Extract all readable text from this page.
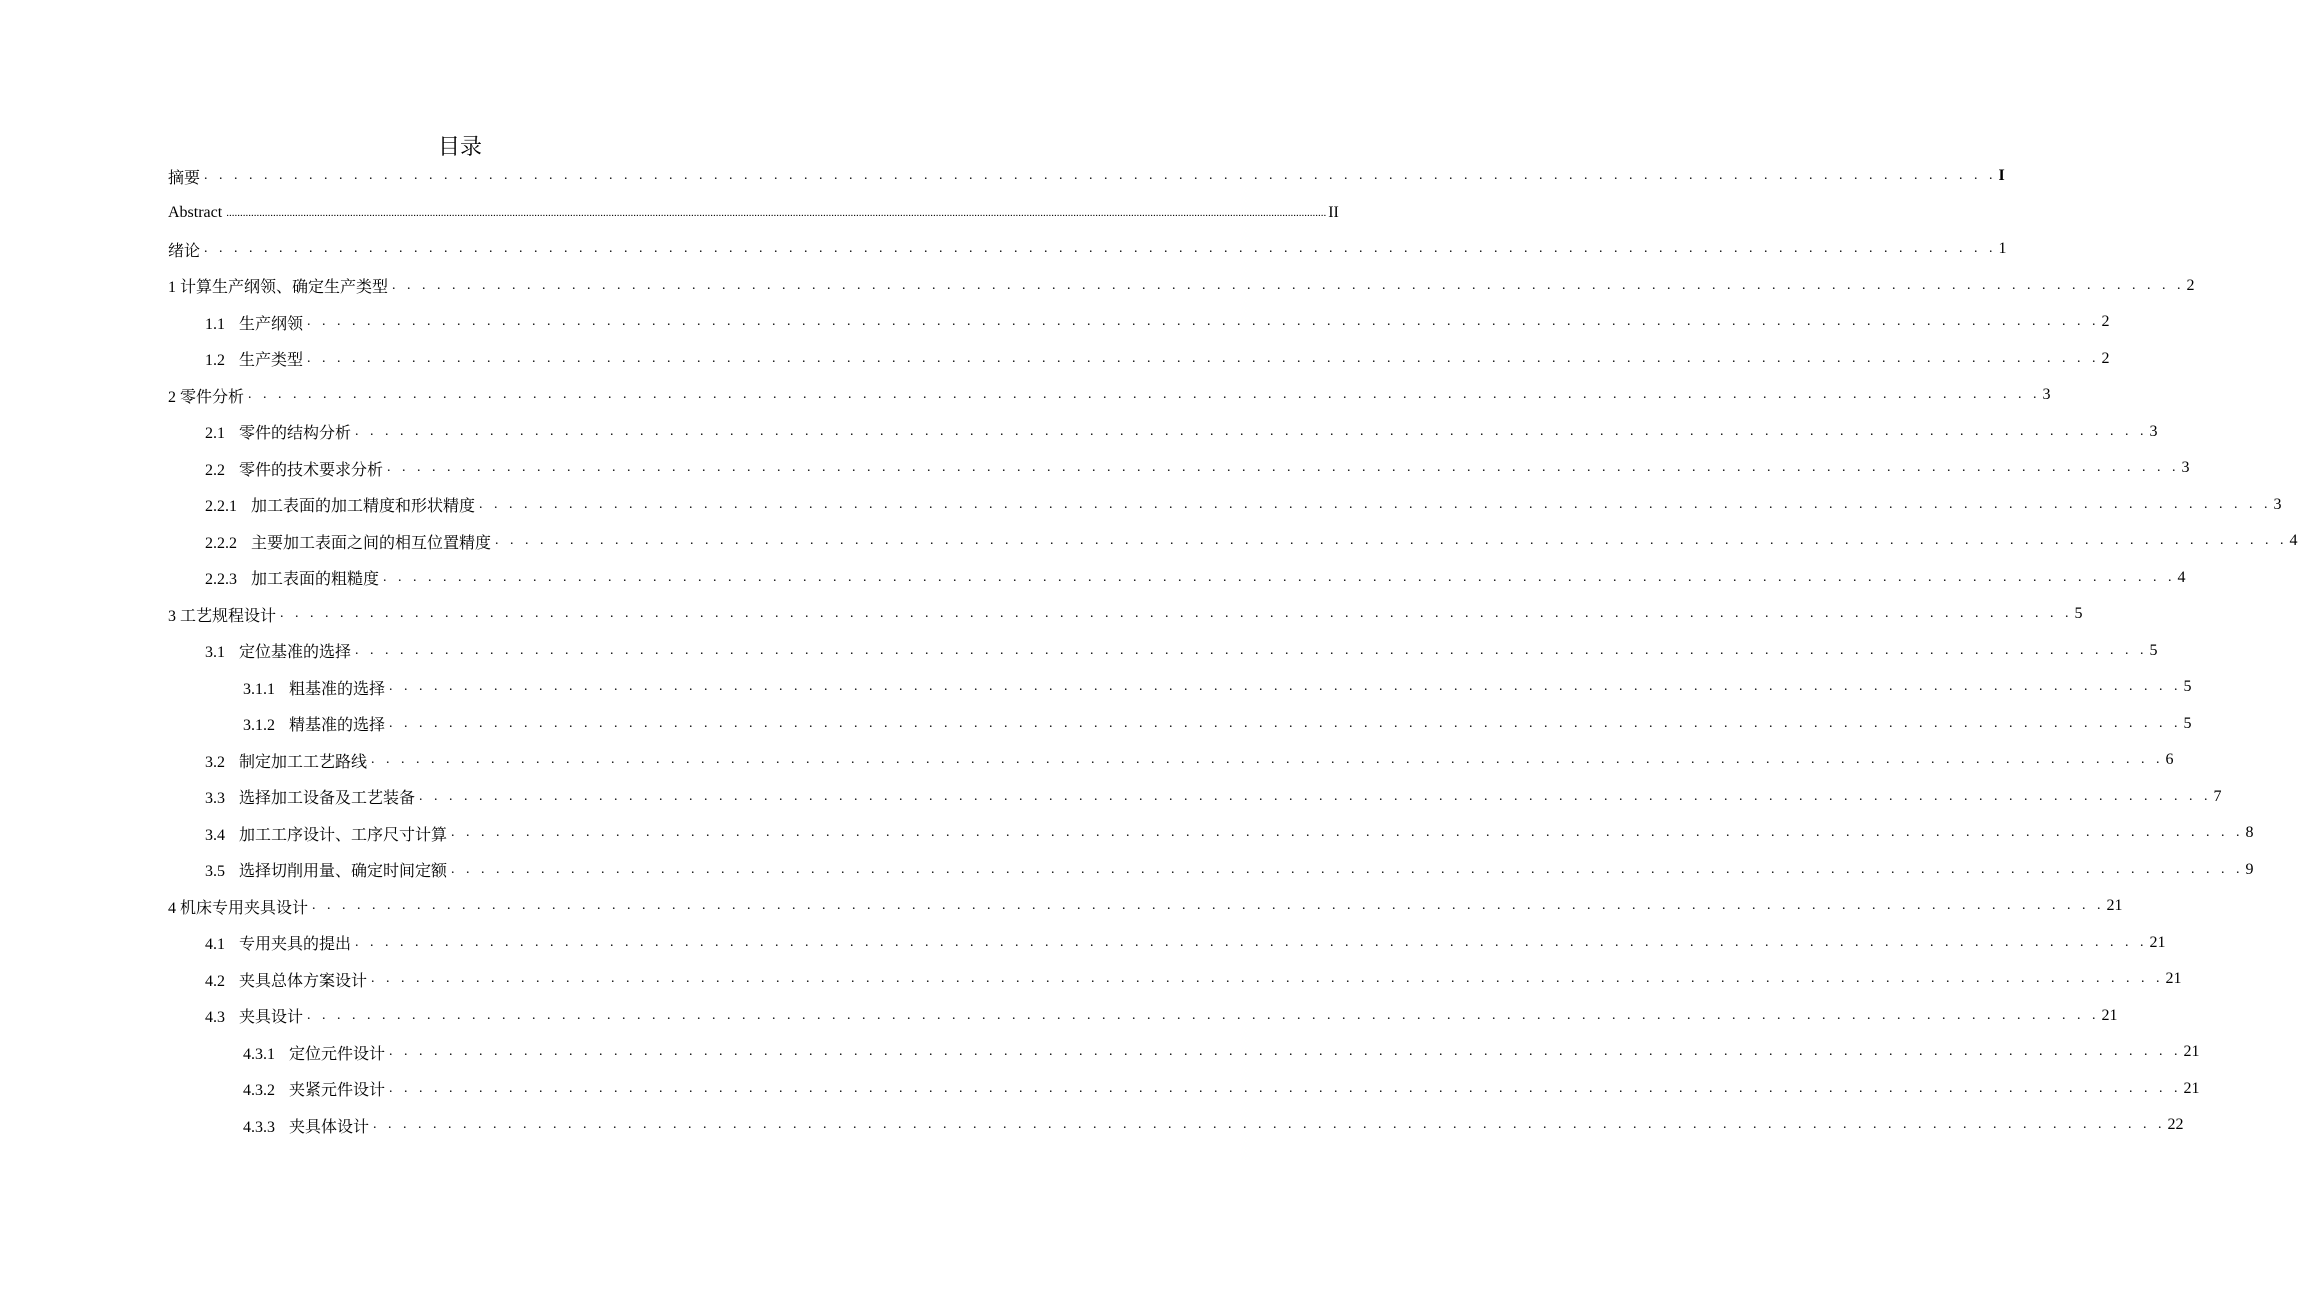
目录
摘要 . . . . . . . . . . . . . . . . . . . . . . . . . . . . . . . . . . . . . . . . . . . . . . . . . . . . . . . . . . . . . . . . . . . . . . . . . . . . . . . . . . . . . . . . . . . . . . . . . . . . . . . . . . . . . . . . . . . . . . . . I
Abstract ................................................................................................................................................................................................................................................................................................................................................................................................................ II
绪论 . . . . . . . . . . . . . . . . . . . . . . . . . . . . . . . . . . . . . . . . . . . . . . . . . . . . . . . . . . . . . . . . . . . . . . . . . . . . . . . . . . . . . . . . . . . . . . . . . . . . . . . . . . . . . . . . . . . . . . . . 1
1 计算生产纲领、确定生产类型 . . . . . . . . . . . . . . . . . . . . . . . . . . . . . . . . . . . . . . . . . . . . . . . . . . . . . . . . . . . . . . . . . . . . . . . . . . . . . . . . . . . . . . . . . . . . . . . . . . . . . . . . . . . . . . . . . . . . . . . . 2
1.1 生产纲领 . . . . . . . . . . . . . . . . . . . . . . . . . . . . . . . . . . . . . . . . . . . . . . . . . . . . . . . . . . . . . . . . . . . . . . . . . . . . . . . . . . . . . . . . . . . . . . . . . . . . . . . . . . . . . . . . . . . . . . . . 2
1.2 生产类型 . . . . . . . . . . . . . . . . . . . . . . . . . . . . . . . . . . . . . . . . . . . . . . . . . . . . . . . . . . . . . . . . . . . . . . . . . . . . . . . . . . . . . . . . . . . . . . . . . . . . . . . . . . . . . . . . . . . . . . . . 2
2 零件分析 . . . . . . . . . . . . . . . . . . . . . . . . . . . . . . . . . . . . . . . . . . . . . . . . . . . . . . . . . . . . . . . . . . . . . . . . . . . . . . . . . . . . . . . . . . . . . . . . . . . . . . . . . . . . . . . . . . . . . . . . 3
2.1 零件的结构分析 . . . . . . . . . . . . . . . . . . . . . . . . . . . . . . . . . . . . . . . . . . . . . . . . . . . . . . . . . . . . . . . . . . . . . . . . . . . . . . . . . . . . . . . . . . . . . . . . . . . . . . . . . . . . . . . . . . . . . . . . 3
2.2 零件的技术要求分析 . . . . . . . . . . . . . . . . . . . . . . . . . . . . . . . . . . . . . . . . . . . . . . . . . . . . . . . . . . . . . . . . . . . . . . . . . . . . . . . . . . . . . . . . . . . . . . . . . . . . . . . . . . . . . . . . . . . . . . . . 3
2.2.1 加工表面的加工精度和形状精度 . . . . . . . . . . . . . . . . . . . . . . . . . . . . . . . . . . . . . . . . . . . . . . . . . . . . . . . . . . . . . . . . . . . . . . . . . . . . . . . . . . . . . . . . . . . . . . . . . . . . . . . . . . . . . . . . . . . . . . . . 3
2.2.2 主要加工表面之间的相互位置精度 . . . . . . . . . . . . . . . . . . . . . . . . . . . . . . . . . . . . . . . . . . . . . . . . . . . . . . . . . . . . . . . . . . . . . . . . . . . . . . . . . . . . . . . . . . . . . . . . . . . . . . . . . . . . . . . . . . . . . . . . 4
2.2.3 加工表面的粗糙度 . . . . . . . . . . . . . . . . . . . . . . . . . . . . . . . . . . . . . . . . . . . . . . . . . . . . . . . . . . . . . . . . . . . . . . . . . . . . . . . . . . . . . . . . . . . . . . . . . . . . . . . . . . . . . . . . . . . . . . . . 4
3 工艺规程设计 . . . . . . . . . . . . . . . . . . . . . . . . . . . . . . . . . . . . . . . . . . . . . . . . . . . . . . . . . . . . . . . . . . . . . . . . . . . . . . . . . . . . . . . . . . . . . . . . . . . . . . . . . . . . . . . . . . . . . . . . 5
3.1 定位基准的选择 . . . . . . . . . . . . . . . . . . . . . . . . . . . . . . . . . . . . . . . . . . . . . . . . . . . . . . . . . . . . . . . . . . . . . . . . . . . . . . . . . . . . . . . . . . . . . . . . . . . . . . . . . . . . . . . . . . . . . . . . 5
3.1.1 粗基准的选择 . . . . . . . . . . . . . . . . . . . . . . . . . . . . . . . . . . . . . . . . . . . . . . . . . . . . . . . . . . . . . . . . . . . . . . . . . . . . . . . . . . . . . . . . . . . . . . . . . . . . . . . . . . . . . . . . . . . . . . . . 5
3.1.2 精基准的选择 . . . . . . . . . . . . . . . . . . . . . . . . . . . . . . . . . . . . . . . . . . . . . . . . . . . . . . . . . . . . . . . . . . . . . . . . . . . . . . . . . . . . . . . . . . . . . . . . . . . . . . . . . . . . . . . . . . . . . . . . 5
3.2 制定加工工艺路线 . . . . . . . . . . . . . . . . . . . . . . . . . . . . . . . . . . . . . . . . . . . . . . . . . . . . . . . . . . . . . . . . . . . . . . . . . . . . . . . . . . . . . . . . . . . . . . . . . . . . . . . . . . . . . . . . . . . . . . . . 6
3.3 选择加工设备及工艺装备 . . . . . . . . . . . . . . . . . . . . . . . . . . . . . . . . . . . . . . . . . . . . . . . . . . . . . . . . . . . . . . . . . . . . . . . . . . . . . . . . . . . . . . . . . . . . . . . . . . . . . . . . . . . . . . . . . . . . . . . . 7
3.4 加工工序设计、工序尺寸计算 . . . . . . . . . . . . . . . . . . . . . . . . . . . . . . . . . . . . . . . . . . . . . . . . . . . . . . . . . . . . . . . . . . . . . . . . . . . . . . . . . . . . . . . . . . . . . . . . . . . . . . . . . . . . . . . . . . . . . . . . 8
3.5 选择切削用量、确定时间定额 . . . . . . . . . . . . . . . . . . . . . . . . . . . . . . . . . . . . . . . . . . . . . . . . . . . . . . . . . . . . . . . . . . . . . . . . . . . . . . . . . . . . . . . . . . . . . . . . . . . . . . . . . . . . . . . . . . . . . . . . 9
4 机床专用夹具设计 . . . . . . . . . . . . . . . . . . . . . . . . . . . . . . . . . . . . . . . . . . . . . . . . . . . . . . . . . . . . . . . . . . . . . . . . . . . . . . . . . . . . . . . . . . . . . . . . . . . . . . . . . . . . . . . . . . . . . . . . 21
4.1 专用夹具的提出 . . . . . . . . . . . . . . . . . . . . . . . . . . . . . . . . . . . . . . . . . . . . . . . . . . . . . . . . . . . . . . . . . . . . . . . . . . . . . . . . . . . . . . . . . . . . . . . . . . . . . . . . . . . . . . . . . . . . . . . . 21
4.2 夹具总体方案设计 . . . . . . . . . . . . . . . . . . . . . . . . . . . . . . . . . . . . . . . . . . . . . . . . . . . . . . . . . . . . . . . . . . . . . . . . . . . . . . . . . . . . . . . . . . . . . . . . . . . . . . . . . . . . . . . . . . . . . . . . 21
4.3 夹具设计 . . . . . . . . . . . . . . . . . . . . . . . . . . . . . . . . . . . . . . . . . . . . . . . . . . . . . . . . . . . . . . . . . . . . . . . . . . . . . . . . . . . . . . . . . . . . . . . . . . . . . . . . . . . . . . . . . . . . . . . . 21
4.3.1 定位元件设计 . . . . . . . . . . . . . . . . . . . . . . . . . . . . . . . . . . . . . . . . . . . . . . . . . . . . . . . . . . . . . . . . . . . . . . . . . . . . . . . . . . . . . . . . . . . . . . . . . . . . . . . . . . . . . . . . . . . . . . . . 21
4.3.2 夹紧元件设计 . . . . . . . . . . . . . . . . . . . . . . . . . . . . . . . . . . . . . . . . . . . . . . . . . . . . . . . . . . . . . . . . . . . . . . . . . . . . . . . . . . . . . . . . . . . . . . . . . . . . . . . . . . . . . . . . . . . . . . . . 21
4.3.3 夹具体设计 . . . . . . . . . . . . . . . . . . . . . . . . . . . . . . . . . . . . . . . . . . . . . . . . . . . . . . . . . . . . . . . . . . . . . . . . . . . . . . . . . . . . . . . . . . . . . . . . . . . . . . . . . . . . . . . . . . . . . . . . 22
